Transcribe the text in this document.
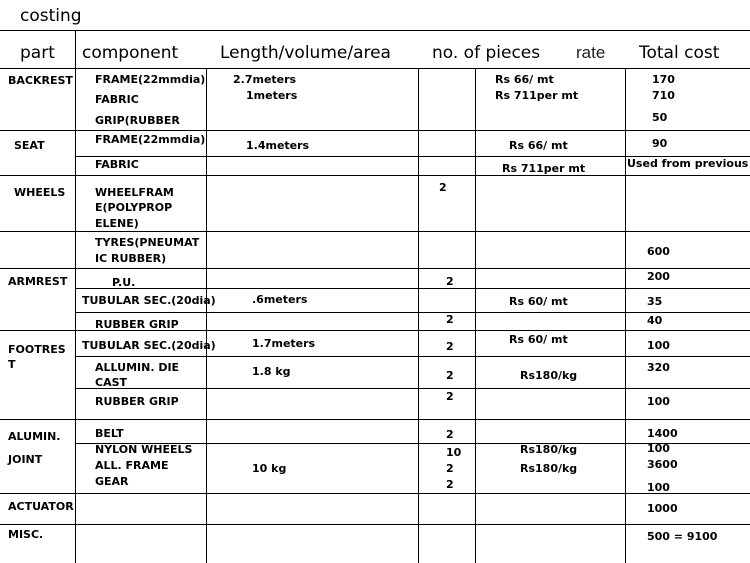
costing
part component Length/volume/area no. of pieces rate Total cost
BACKREST
SEAT
WHEELS
ARMREST
FOOTRES
T
ALUMIN.
JOINT
ACTUATOR
MISC.
FRAME(22mmdia)
FABRIC
GRIP(RUBBER
FRAME(22mmdia)
FABRIC
WHEELFRAM
E(POLYPROP
ELENE)
TYRES(PNEUMAT
IC RUBBER)
P.U.
TUBULAR SEC.(20dia)
RUBBER GRIP
TUBULAR SEC.(20dia)
ALLUMIN. DIE
CAST
RUBBER GRIP
BELT
NYLON WHEELS
ALL. FRAME
GEAR
2.7meters
1meters
1.4meters
.6meters
1.7meters
1.8 kg
10 kg
2
2
2
2
2
2
2
10
2
2
Rs 66/ mt
Rs 711per mt
Rs 66/ mt
Rs 711per mt
Rs 60/ mt
Rs 60/ mt
Rs180/kg
Rs180/kg
Rs180/kg
170
710
50
90
Used from previous
600
200
35
40
100
320
100
1400
100
3600
100
1000
500 = 9100
